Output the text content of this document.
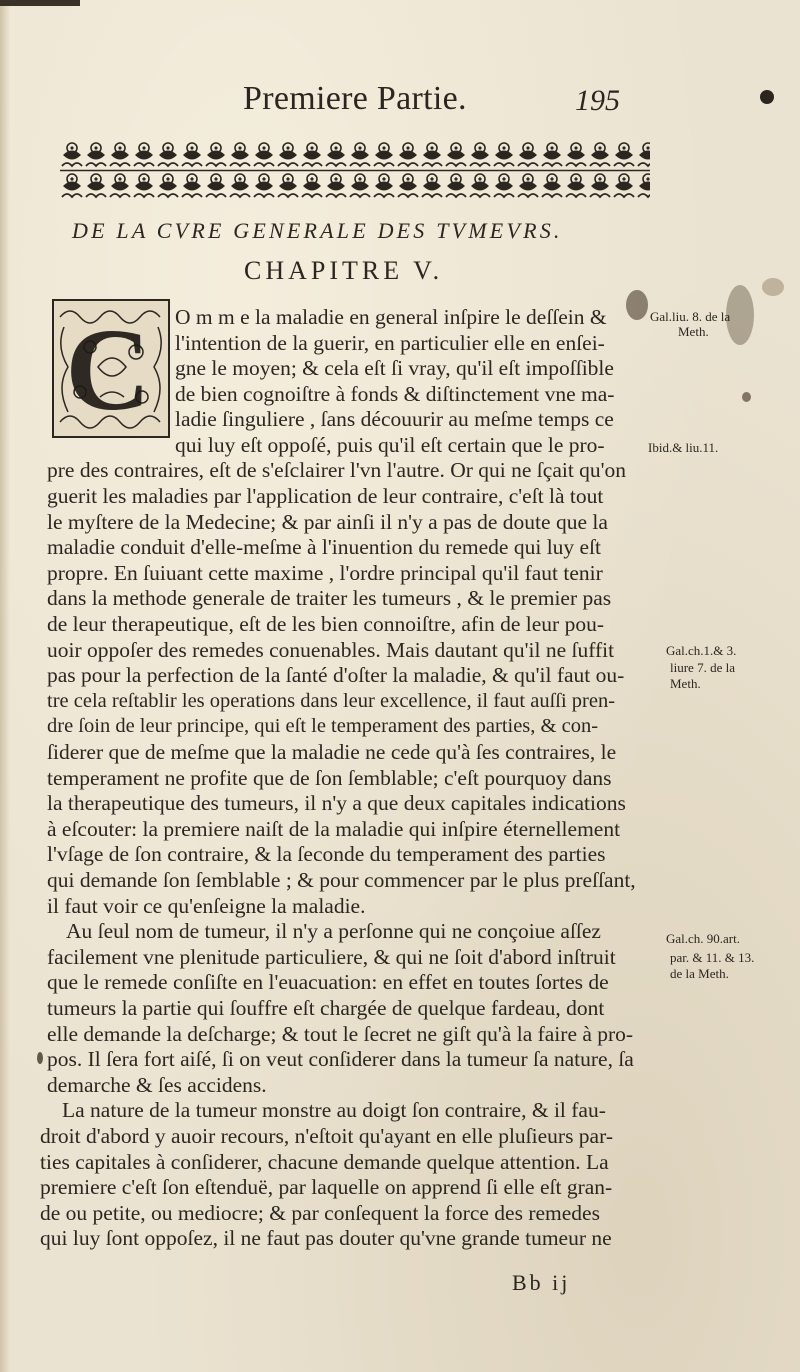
Premiere Partie.	195
DE LA CVRE GENERALE DES TVMEVRS.
CHAPITRE V.
C O m m e la maladie en general inſpire le deſſein &
l'intention de la guerir, en particulier elle en enſei-
gne le moyen; & cela eſt ſi vray, qu'il eſt impoſſible
de bien cognoiſtre à fonds & diſtinctement vne ma-
ladie ſinguliere , ſans découurir au meſme temps ce
qui luy eſt oppoſé, puis qu'il eſt certain que le pro-
pre des contraires, eſt de s'eſclairer l'vn l'autre. Or qui ne ſçait qu'on
guerit les maladies par l'application de leur contraire, c'eſt là tout
le myſtere de la Medecine; & par ainſi il n'y a pas de doute que la
maladie conduit d'elle-meſme à l'inuention du remede qui luy eſt
propre. En ſuiuant cette maxime , l'ordre principal qu'il faut tenir
dans la methode generale de traiter les tumeurs , & le premier pas
de leur therapeutique, eſt de les bien connoiſtre, afin de leur pou-
uoir oppoſer des remedes conuenables. Mais dautant qu'il ne ſuffit
pas pour la perfection de la ſanté d'oſter la maladie, & qu'il faut ou-
tre cela reſtablir les operations dans leur excellence, il faut auſſi pren-
dre ſoin de leur principe, qui eſt le temperament des parties, & con-
ſiderer que de meſme que la maladie ne cede qu'à ſes contraires, le
temperament ne profite que de ſon ſemblable; c'eſt pourquoy dans
la therapeutique des tumeurs, il n'y a que deux capitales indications
à eſcouter: la premiere naiſt de la maladie qui inſpire éternellement
l'vſage de ſon contraire, & la ſeconde du temperament des parties
qui demande ſon ſemblable ; & pour commencer par le plus preſſant,
il faut voir ce qu'enſeigne la maladie.
Au ſeul nom de tumeur, il n'y a perſonne qui ne conçoiue aſſez
facilement vne plenitude particuliere, & qui ne ſoit d'abord inſtruit
que le remede conſiſte en l'euacuation: en effet en toutes ſortes de
tumeurs la partie qui ſouffre eſt chargée de quelque fardeau, dont
elle demande la deſcharge; & tout le ſecret ne giſt qu'à la faire à pro-
pos. Il ſera fort aiſé, ſi on veut conſiderer dans la tumeur ſa nature, ſa
demarche & ſes accidens.
La nature de la tumeur monstre au doigt ſon contraire, & il fau-
droit d'abord y auoir recours, n'eſtoit qu'ayant en elle pluſieurs par-
ties capitales à conſiderer, chacune demande quelque attention. La
premiere c'eſt ſon eſtenduë, par laquelle on apprend ſi elle eſt gran-
de ou petite, ou mediocre; & par conſequent la force des remedes
qui luy ſont oppoſez, il ne faut pas douter qu'vne grande tumeur ne
Gal.liu. 8. de la
Meth.
Ibid.& liu.11.
Gal.ch.1.& 3.
liure 7. de la
Meth.
Gal.ch. 90.art.
par. & 11. & 13.
de la Meth.
Bb ij
